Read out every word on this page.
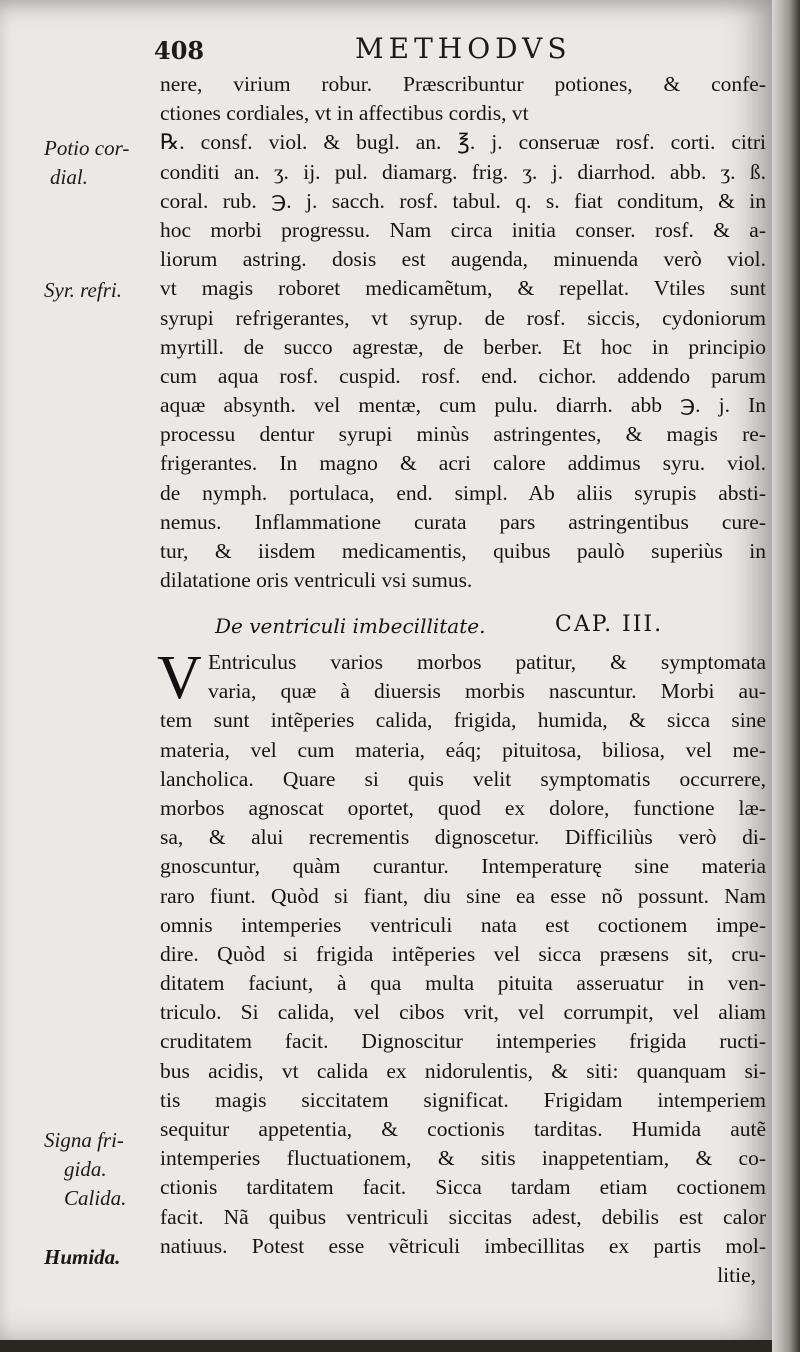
408	METHODVS
Potio cor-
dial.
Syr. refri.
Signa fri-
gida.
Calida.
Humida.
nere, virium robur. Præscribuntur potiones, & confe-
ctiones cordiales, vt in affectibus cordis, vt
℞. consf. viol. & bugl. an. ℥. j. conseruæ rosf. corti. citri
conditi an. ʒ. ij. pul. diamarg. frig. ʒ. j. diarrhod. abb. ʒ. ß.
coral. rub. ℈. j. sacch. rosf. tabul. q. s. fiat conditum, & in
hoc morbi progressu. Nam circa initia conser. rosf. & a-
liorum astring. dosis est augenda, minuenda verò viol.
vt magis roboret medicamẽtum, & repellat. Vtiles sunt
syrupi refrigerantes, vt syrup. de rosf. siccis, cydoniorum
myrtill. de succo agrestæ, de berber. Et hoc in principio
cum aqua rosf. cuspid. rosf. end. cichor. addendo parum
aquæ absynth. vel mentæ, cum pulu. diarrh. abb ℈. j. In
processu dentur syrupi minùs astringentes, & magis re-
frigerantes. In magno & acri calore addimus syru. viol.
de nymph. portulaca, end. simpl. Ab aliis syrupis absti-
nemus. Inflammatione curata pars astringentibus cure-
tur, & iisdem medicamentis, quibus paulò superiùs in
dilatatione oris ventriculi vsi sumus.
De ventriculi imbecillitate.	CAP. III.
V Entriculus varios morbos patitur, & symptomata
varia, quæ à diuersis morbis nascuntur. Morbi au-
tem sunt intẽperies calida, frigida, humida, & sicca sine
materia, vel cum materia, eáq; pituitosa, biliosa, vel me-
lancholica. Quare si quis velit symptomatis occurrere,
morbos agnoscat oportet, quod ex dolore, functione læ-
sa, & alui recrementis dignoscetur. Difficiliùs verò di-
gnoscuntur, quàm curantur. Intemperaturę sine materia
raro fiunt. Quòd si fiant, diu sine ea esse nõ possunt. Nam
omnis intemperies ventriculi nata est coctionem impe-
dire. Quòd si frigida intẽperies vel sicca præsens sit, cru-
ditatem faciunt, à qua multa pituita asseruatur in ven-
triculo. Si calida, vel cibos vrit, vel corrumpit, vel aliam
cruditatem facit. Dignoscitur intemperies frigida ructi-
bus acidis, vt calida ex nidorulentis, & siti: quanquam si-
tis magis siccitatem significat. Frigidam intemperiem
sequitur appetentia, & coctionis tarditas. Humida autẽ
intemperies fluctuationem, & sitis inappetentiam, & co-
ctionis tarditatem facit. Sicca tardam etiam coctionem
facit. Nã quibus ventriculi siccitas adest, debilis est calor
natiuus. Potest esse vẽtriculi imbecillitas ex partis mol-
litie,
